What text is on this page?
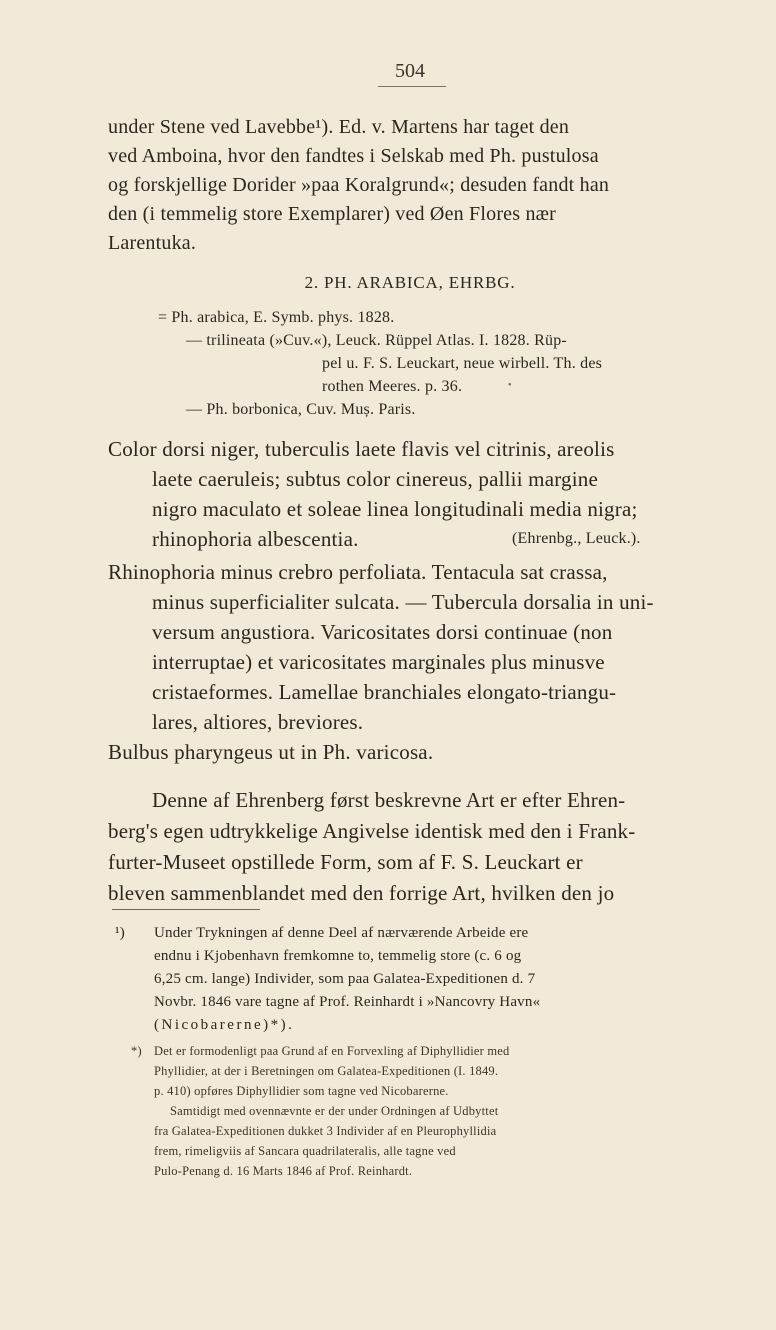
504
under Stene ved Lavebbe¹). Ed. v. Martens har taget den
ved Amboina, hvor den fandtes i Selskab med Ph. pustulosa
og forskjellige Dorider »paa Koralgrund«; desuden fandt han
den (i temmelig store Exemplarer) ved Øen Flores nær
Larentuka.
2. PH. ARABICA, EHRBG.
= Ph. arabica, E. Symb. phys. 1828.
— trilineata (»Cuv.«), Leuck. Rüppel Atlas. I. 1828. Rüp-
pel u. F. S. Leuckart, neue wirbell. Th. des
rothen Meeres. p. 36.	•
— Ph. borbonica, Cuv. Muș. Paris.
Color dorsi niger, tuberculis laete flavis vel citrinis, areolis
laete caeruleis; subtus color cinereus, pallii margine
nigro maculato et soleae linea longitudinali media nigra;
rhinophoria albescentia.	(Ehrenbg., Leuck.).
Rhinophoria minus crebro perfoliata. Tentacula sat crassa,
minus superficialiter sulcata. — Tubercula dorsalia in uni-
versum angustiora. Varicositates dorsi continuae (non
interruptae) et varicositates marginales plus minusve
cristaeformes. Lamellae branchiales elongato-triangu-
lares, altiores, breviores.
Bulbus pharyngeus ut in Ph. varicosa.
Denne af Ehrenberg først beskrevne Art er efter Ehren-
berg's egen udtrykkelige Angivelse identisk med den i Frank-
furter-Museet opstillede Form, som af F. S. Leuckart er
bleven sammenblandet med den forrige Art, hvilken den jo
¹) Under Trykningen af denne Deel af nærværende Arbeide ere
endnu i Kjobenhavn fremkomne to, temmelig store (c. 6 og
6,25 cm. lange) Individer, som paa Galatea-Expeditionen d. 7
Novbr. 1846 vare tagne af Prof. Reinhardt i »Nancovry Havn«
(Nicobarerne)*).
*) Det er formodenligt paa Grund af en Forvexling af Diphyllidier med
Phyllidier, at der i Beretningen om Galatea-Expeditionen (I. 1849.
p. 410) opføres Diphyllidier som tagne ved Nicobarerne.
Samtidigt med ovennævnte er der under Ordningen af Udbyttet
fra Galatea-Expeditionen dukket 3 Individer af en Pleurophyllidia
frem, rimeligviis af Sancara quadrilateralis, alle tagne ved
Pulo-Penang d. 16 Marts 1846 af Prof. Reinhardt.
